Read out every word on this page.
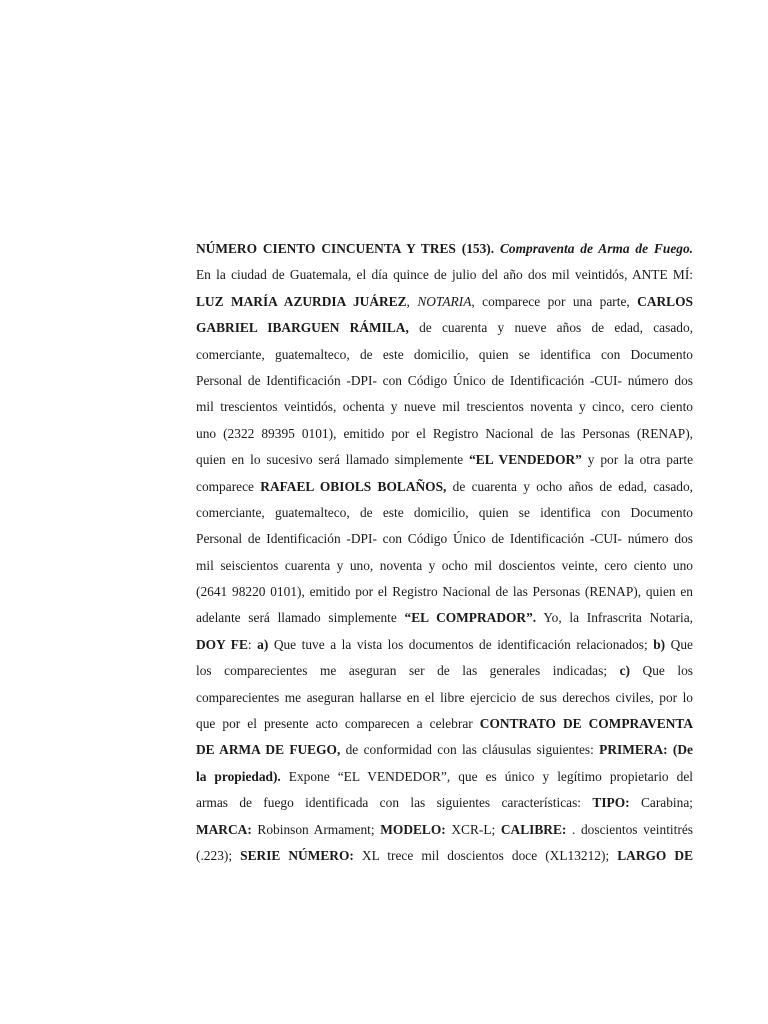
NÚMERO CIENTO CINCUENTA Y TRES (153). Compraventa de Arma de Fuego.
En la ciudad de Guatemala, el día quince de julio del año dos mil veintidós, ANTE MÍ:
LUZ MARÍA AZURDIA JUÁREZ, NOTARIA, comparece por una parte, CARLOS
GABRIEL IBARGUEN RÁMILA, de cuarenta y nueve años de edad, casado,
comerciante, guatemalteco, de este domicilio, quien se identifica con Documento
Personal de Identificación -DPI- con Código Único de Identificación -CUI- número dos
mil trescientos veintidós, ochenta y nueve mil trescientos noventa y cinco, cero ciento
uno (2322 89395 0101), emitido por el Registro Nacional de las Personas (RENAP),
quien en lo sucesivo será llamado simplemente “EL VENDEDOR” y por la otra parte
comparece RAFAEL OBIOLS BOLAÑOS, de cuarenta y ocho años de edad, casado,
comerciante, guatemalteco, de este domicilio, quien se identifica con Documento
Personal de Identificación -DPI- con Código Único de Identificación -CUI- número dos
mil seiscientos cuarenta y uno, noventa y ocho mil doscientos veinte, cero ciento uno
(2641 98220 0101), emitido por el Registro Nacional de las Personas (RENAP), quien en
adelante será llamado simplemente “EL COMPRADOR”. Yo, la Infrascrita Notaria,
DOY FE: a) Que tuve a la vista los documentos de identificación relacionados; b) Que
los comparecientes me aseguran ser de las generales indicadas; c) Que los
comparecientes me aseguran hallarse en el libre ejercicio de sus derechos civiles, por lo
que por el presente acto comparecen a celebrar CONTRATO DE COMPRAVENTA
DE ARMA DE FUEGO, de conformidad con las cláusulas siguientes: PRIMERA: (De
la propiedad). Expone “EL VENDEDOR”, que es único y legítimo propietario del
armas de fuego identificada con las siguientes características: TIPO: Carabina;
MARCA: Robinson Armament; MODELO: XCR-L; CALIBRE: . doscientos veintitrés
(.223); SERIE NÚMERO: XL trece mil doscientos doce (XL13212); LARGO DE
